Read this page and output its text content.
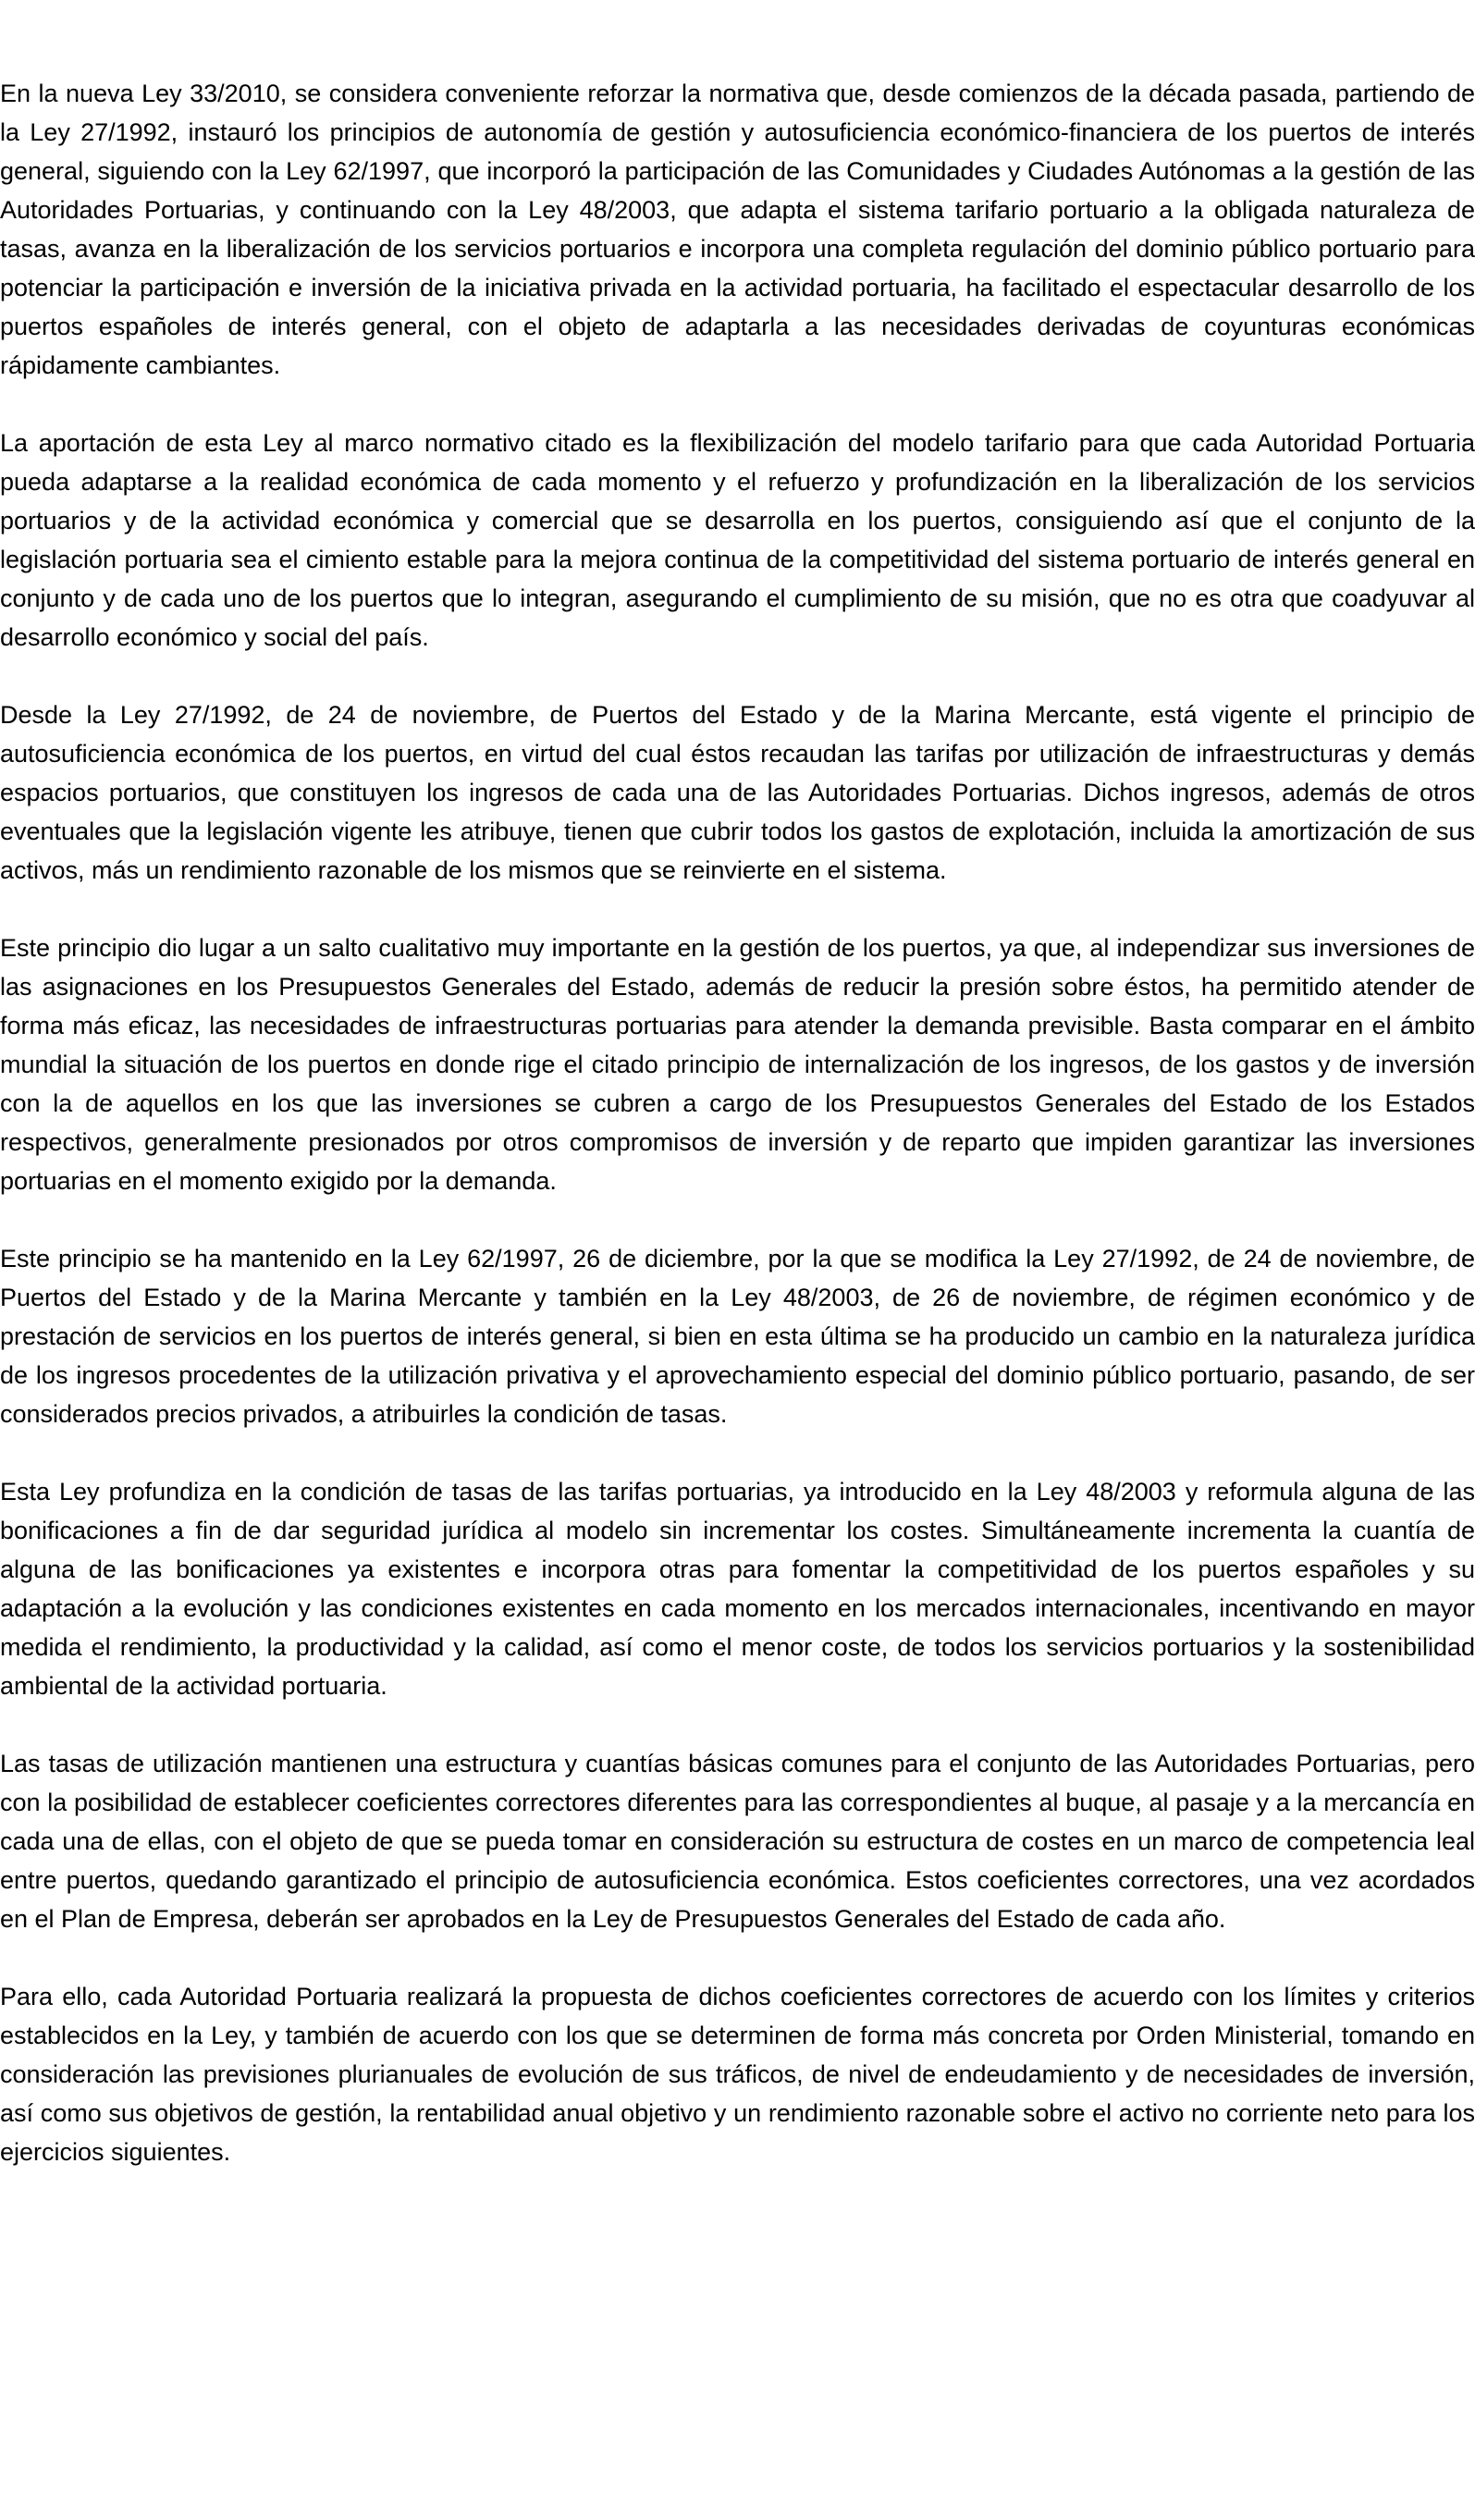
En la nueva Ley 33/2010, se considera conveniente reforzar la normativa que, desde comienzos de la década pasada, partiendo de la Ley 27/1992, instauró los principios de autonomía de gestión y autosuficiencia económico-financiera de los puertos de interés general, siguiendo con la Ley 62/1997, que incorporó la participación de las Comunidades y Ciudades Autónomas a la gestión de las Autoridades Portuarias, y continuando con la Ley 48/2003, que adapta el sistema tarifario portuario a la obligada naturaleza de tasas, avanza en la liberalización de los servicios portuarios e incorpora una completa regulación del dominio público portuario para potenciar la participación e inversión de la iniciativa privada en la actividad portuaria, ha facilitado el espectacular desarrollo de los puertos españoles de interés general, con el objeto de adaptarla a las necesidades derivadas de coyunturas económicas rápidamente cambiantes.

La aportación de esta Ley al marco normativo citado es la flexibilización del modelo tarifario para que cada Autoridad Portuaria pueda adaptarse a la realidad económica de cada momento y el refuerzo y profundización en la liberalización de los servicios portuarios y de la actividad económica y comercial que se desarrolla en los puertos, consiguiendo así que el conjunto de la legislación portuaria sea el cimiento estable para la mejora continua de la competitividad del sistema portuario de interés general en conjunto y de cada uno de los puertos que lo integran, asegurando el cumplimiento de su misión, que no es otra que coadyuvar al desarrollo económico y social del país.

Desde la Ley 27/1992, de 24 de noviembre, de Puertos del Estado y de la Marina Mercante, está vigente el principio de autosuficiencia económica de los puertos, en virtud del cual éstos recaudan las tarifas por utilización de infraestructuras y demás espacios portuarios, que constituyen los ingresos de cada una de las Autoridades Portuarias. Dichos ingresos, además de otros eventuales que la legislación vigente les atribuye, tienen que cubrir todos los gastos de explotación, incluida la amortización de sus activos, más un rendimiento razonable de los mismos que se reinvierte en el sistema.

Este principio dio lugar a un salto cualitativo muy importante en la gestión de los puertos, ya que, al independizar sus inversiones de las asignaciones en los Presupuestos Generales del Estado, además de reducir la presión sobre éstos, ha permitido atender de forma más eficaz, las necesidades de infraestructuras portuarias para atender la demanda previsible. Basta comparar en el ámbito mundial la situación de los puertos en donde rige el citado principio de internalización de los ingresos, de los gastos y de inversión con la de aquellos en los que las inversiones se cubren a cargo de los Presupuestos Generales del Estado de los Estados respectivos, generalmente presionados por otros compromisos de inversión y de reparto que impiden garantizar las inversiones portuarias en el momento exigido por la demanda.

Este principio se ha mantenido en la Ley 62/1997, 26 de diciembre, por la que se modifica la Ley 27/1992, de 24 de noviembre, de Puertos del Estado y de la Marina Mercante y también en la Ley 48/2003, de 26 de noviembre, de régimen económico y de prestación de servicios en los puertos de interés general, si bien en esta última se ha producido un cambio en la naturaleza jurídica de los ingresos procedentes de la utilización privativa y el aprovechamiento especial del dominio público portuario, pasando, de ser considerados precios privados, a atribuirles la condición de tasas.

Esta Ley profundiza en la condición de tasas de las tarifas portuarias, ya introducido en la Ley 48/2003 y reformula alguna de las bonificaciones a fin de dar seguridad jurídica al modelo sin incrementar los costes. Simultáneamente incrementa la cuantía de alguna de las bonificaciones ya existentes e incorpora otras para fomentar la competitividad de los puertos españoles y su adaptación a la evolución y las condiciones existentes en cada momento en los mercados internacionales, incentivando en mayor medida el rendimiento, la productividad y la calidad, así como el menor coste, de todos los servicios portuarios y la sostenibilidad ambiental de la actividad portuaria.

Las tasas de utilización mantienen una estructura y cuantías básicas comunes para el conjunto de las Autoridades Portuarias, pero con la posibilidad de establecer coeficientes correctores diferentes para las correspondientes al buque, al pasaje y a la mercancía en cada una de ellas, con el objeto de que se pueda tomar en consideración su estructura de costes en un marco de competencia leal entre puertos, quedando garantizado el principio de autosuficiencia económica. Estos coeficientes correctores, una vez acordados en el Plan de Empresa, deberán ser aprobados en la Ley de Presupuestos Generales del Estado de cada año.

Para ello, cada Autoridad Portuaria realizará la propuesta de dichos coeficientes correctores de acuerdo con los límites y criterios establecidos en la Ley, y también de acuerdo con los que se determinen de forma más concreta por Orden Ministerial, tomando en consideración las previsiones plurianuales de evolución de sus tráficos, de nivel de endeudamiento y de necesidades de inversión, así como sus objetivos de gestión, la rentabilidad anual objetivo y un rendimiento razonable sobre el activo no corriente neto para los ejercicios siguientes.
